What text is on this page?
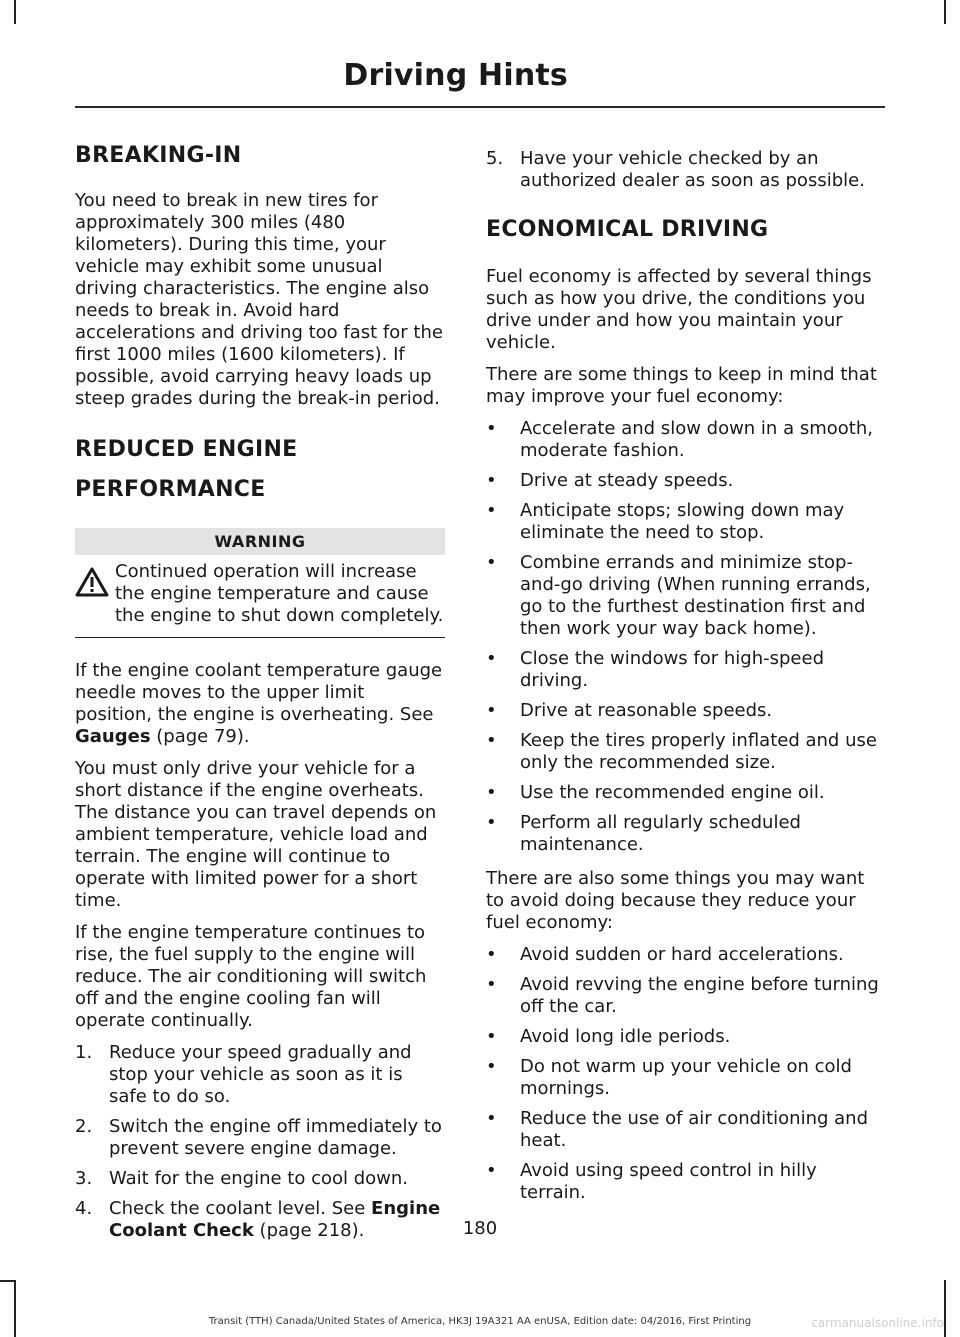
Driving Hints
BREAKING-IN

You need to break in new tires for approximately 300 miles (480 kilometers). During this time, your vehicle may exhibit some unusual driving characteristics. The engine also needs to break in. Avoid hard accelerations and driving too fast for the first 1000 miles (1600 kilometers). If possible, avoid carrying heavy loads up steep grades during the break-in period.

REDUCED ENGINE
PERFORMANCE
WARNING
Continued operation will increase the engine temperature and cause the engine to shut down completely.

If the engine coolant temperature gauge needle moves to the upper limit position, the engine is overheating. See Gauges (page 79).

You must only drive your vehicle for a short distance if the engine overheats. The distance you can travel depends on ambient temperature, vehicle load and terrain. The engine will continue to operate with limited power for a short time.

If the engine temperature continues to rise, the fuel supply to the engine will reduce. The air conditioning will switch off and the engine cooling fan will operate continually.

1. Reduce your speed gradually and stop your vehicle as soon as it is safe to do so.
2. Switch the engine off immediately to prevent severe engine damage.
3. Wait for the engine to cool down.
4. Check the coolant level. See Engine Coolant Check (page 218).
5. Have your vehicle checked by an authorized dealer as soon as possible.
ECONOMICAL DRIVING

Fuel economy is affected by several things such as how you drive, the conditions you drive under and how you maintain your vehicle.

There are some things to keep in mind that may improve your fuel economy:

•	Accelerate and slow down in a smooth, moderate fashion.
•	Drive at steady speeds.
•	Anticipate stops; slowing down may eliminate the need to stop.
•	Combine errands and minimize stop-and-go driving (When running errands, go to the furthest destination first and then work your way back home).
•	Close the windows for high-speed driving.
•	Drive at reasonable speeds.
•	Keep the tires properly inflated and use only the recommended size.
•	Use the recommended engine oil.
•	Perform all regularly scheduled maintenance.

There are also some things you may want to avoid doing because they reduce your fuel economy:

•	Avoid sudden or hard accelerations.
•	Avoid revving the engine before turning off the car.
•	Avoid long idle periods.
•	Do not warm up your vehicle on cold mornings.
•	Reduce the use of air conditioning and heat.
•	Avoid using speed control in hilly terrain.
180
Transit (TTH) Canada/United States of America, HK3J 19A321 AA enUSA, Edition date: 04/2016, First Printing	carmanualsonline.info
